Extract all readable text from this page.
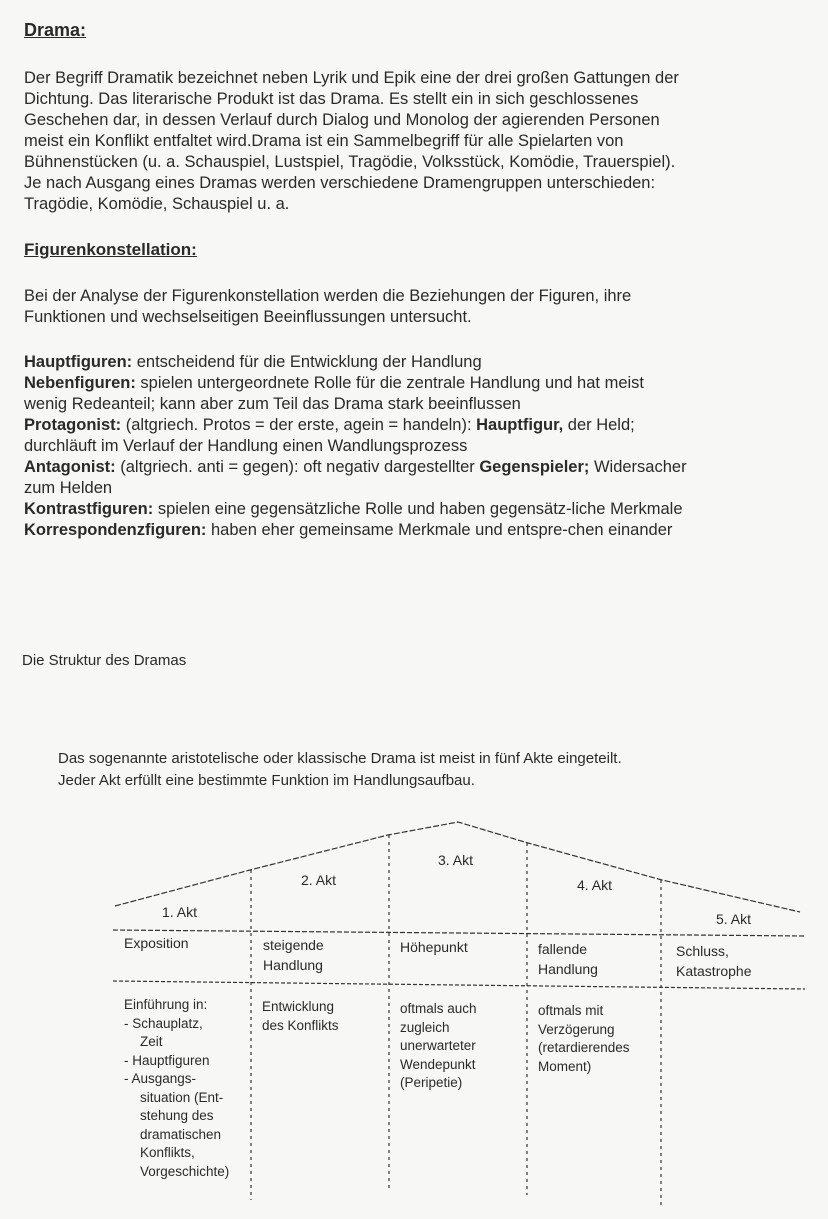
Drama:

Der Begriff Dramatik bezeichnet neben Lyrik und Epik eine der drei großen Gattungen der

Dichtung. Das literarische Produkt ist das Drama. Es stellt ein in sich geschlossenes

Geschehen dar, in dessen Verlauf durch Dialog und Monolog der agierenden Personen

meist ein Konflikt entfaltet wird.Drama ist ein Sammelbegriff für alle Spielarten von

Bühnenstücken (u. a. Schauspiel, Lustspiel, Tragödie, Volksstück, Komödie, Trauerspiel).

Je nach Ausgang eines Dramas werden verschiedene Dramengruppen unterschieden:

Tragödie, Komödie, Schauspiel u. a.

Figurenkonstellation:

Bei der Analyse der Figurenkonstellation werden die Beziehungen der Figuren, ihre

Funktionen und wechselseitigen Beeinflussungen untersucht.

Hauptfiguren: entscheidend für die Entwicklung der Handlung

Nebenfiguren: spielen untergeordnete Rolle für die zentrale Handlung und hat meist

wenig Redeanteil; kann aber zum Teil das Drama stark beeinflussen

Protagonist: (altgriech. Protos = der erste, agein = handeln): Hauptfigur, der Held;

durchläuft im Verlauf der Handlung einen Wandlungsprozess

Antagonist: (altgriech. anti = gegen): oft negativ dargestellter Gegenspieler; Widersacher

zum Helden

Kontrastfiguren: spielen eine gegensätzliche Rolle und haben gegensätz-liche Merkmale

Korrespondenzfiguren: haben eher gemeinsame Merkmale und entspre-chen einander

Die Struktur des Dramas

Das sogenannte aristotelische oder klassische Drama ist meist in fünf Akte eingeteilt.

Jeder Akt erfüllt eine bestimmte Funktion im Handlungsaufbau.

1. Akt
2. Akt
3. Akt
4. Akt
5. Akt
Exposition	steigende
Handlung
Höhepunkt	fallende
Handlung
Schluss,
Katastrophe

Einführung in:

- Schauplatz,

Zeit

- Hauptfiguren

- Ausgangs-

situation (Ent-

stehung des

dramatischen

Konflikts,

Vorgeschichte)

Entwicklung

des Konflikts

oftmals auch

zugleich

unerwarteter

Wendepunkt

(Peripetie)

oftmals mit

Verzögerung

(retardierendes

Moment)
